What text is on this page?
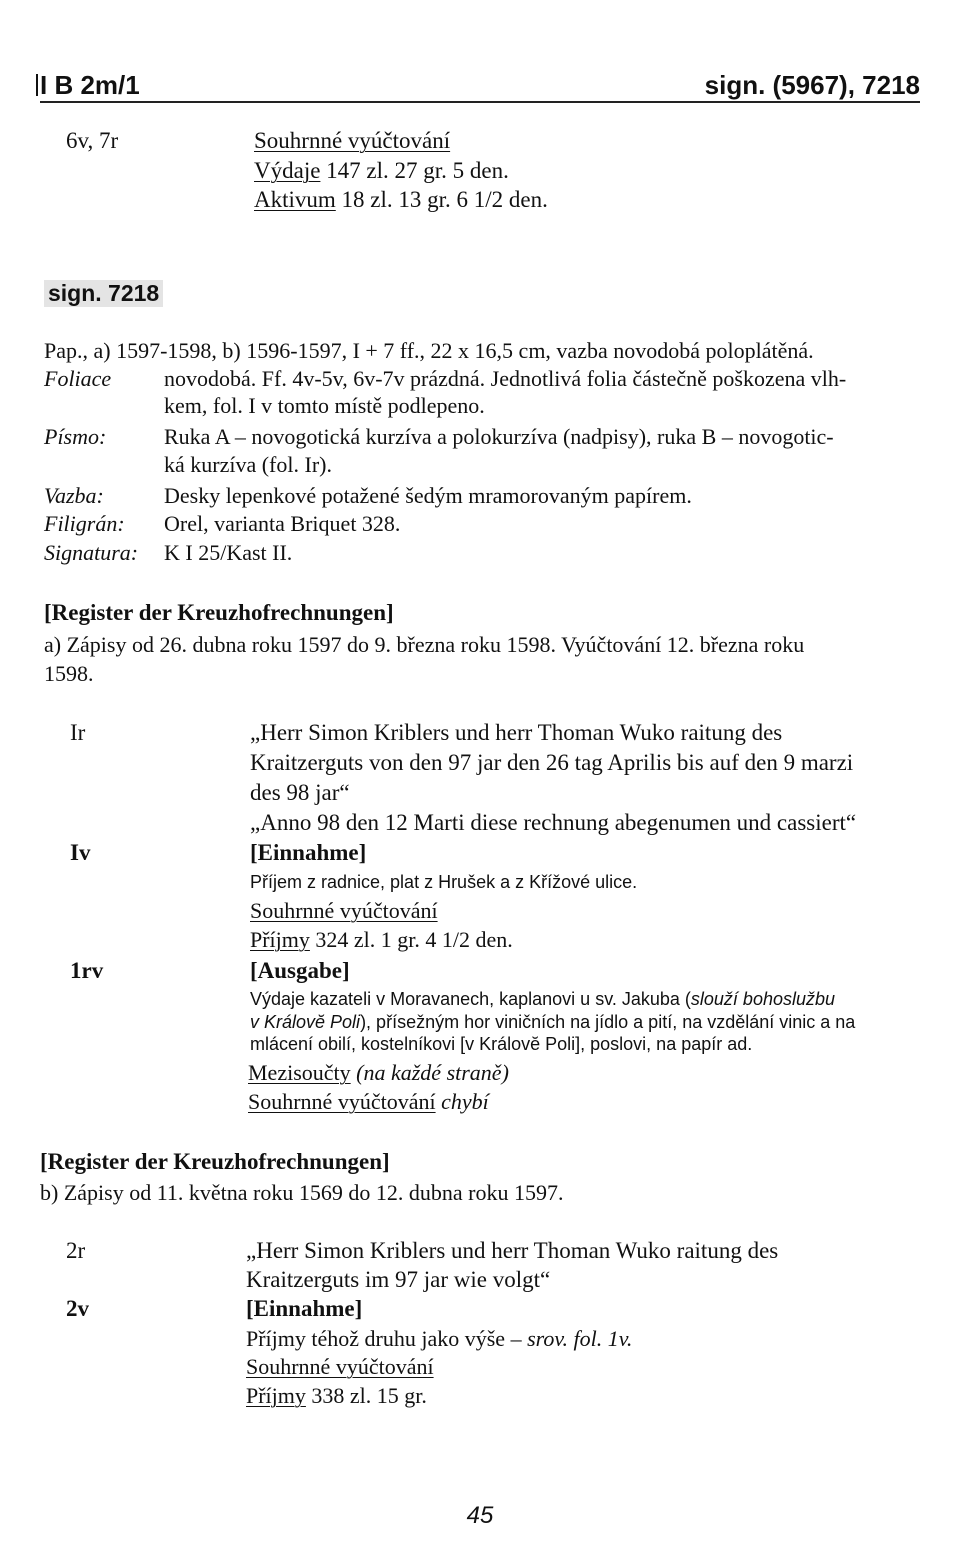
I B 2m/1	sign. (5967), 7218
6v, 7r	Souhrnné vyúčtování
Výdaje 147 zl. 27 gr. 5 den.
Aktivum 18 zl. 13 gr. 6 1/2 den.
sign. 7218
Pap., a) 1597-1598, b) 1596-1597, I + 7 ff., 22 x 16,5 cm, vazba novodobá poloplátěná.
Foliace novodobá. Ff. 4v-5v, 6v-7v prázdná. Jednotlivá folia částečně poškozena vlh-
kem, fol. I v tomto místě podlepeno.
Písmo:	Ruka A – novogotická kurzíva a polokurzíva (nadpisy), ruka B – novogotic-
ká kurzíva (fol. Ir).
Vazba:	Desky lepenkové potažené šedým mramorovaným papírem.
Filigrán: Orel, varianta Briquet 328.
Signatura: K I 25/Kast II.
[Register der Kreuzhofrechnungen]
a) Zápisy od 26. dubna roku 1597 do 9. března roku 1598. Vyúčtování 12. března roku
1598.
Ir	„Herr Simon Kriblers und herr Thoman Wuko raitung des
Kraitzerguts von den 97 jar den 26 tag Aprilis bis auf den 9 marzi
des 98 jar“
„Anno 98 den 12 Marti diese rechnung abegenumen und cassiert“
Iv	[Einnahme]
Příjem z radnice, plat z Hrušek a z Křížové ulice.
Souhrnné vyúčtování
Příjmy 324 zl. 1 gr. 4 1/2 den.
1rv	[Ausgabe]
Výdaje kazateli v Moravanech, kaplanovi u sv. Jakuba (slouží bohoslužbu
v Královĕ Poli), přísežným hor viničních na jídlo a pití, na vzdělání vinic a na
mlácení obilí, kostelníkovi [v Královĕ Poli], poslovi, na papír ad.
Mezisoučty (na každé straně)
Souhrnné vyúčtování chybí
[Register der Kreuzhofrechnungen]
b) Zápisy od 11. května roku 1569 do 12. dubna roku 1597.
2r	„Herr Simon Kriblers und herr Thoman Wuko raitung des
Kraitzerguts im 97 jar wie volgt“
2v	[Einnahme]
Příjmy téhož druhu jako výše – srov. fol. 1v.
Souhrnné vyúčtování
Příjmy 338 zl. 15 gr.
45
